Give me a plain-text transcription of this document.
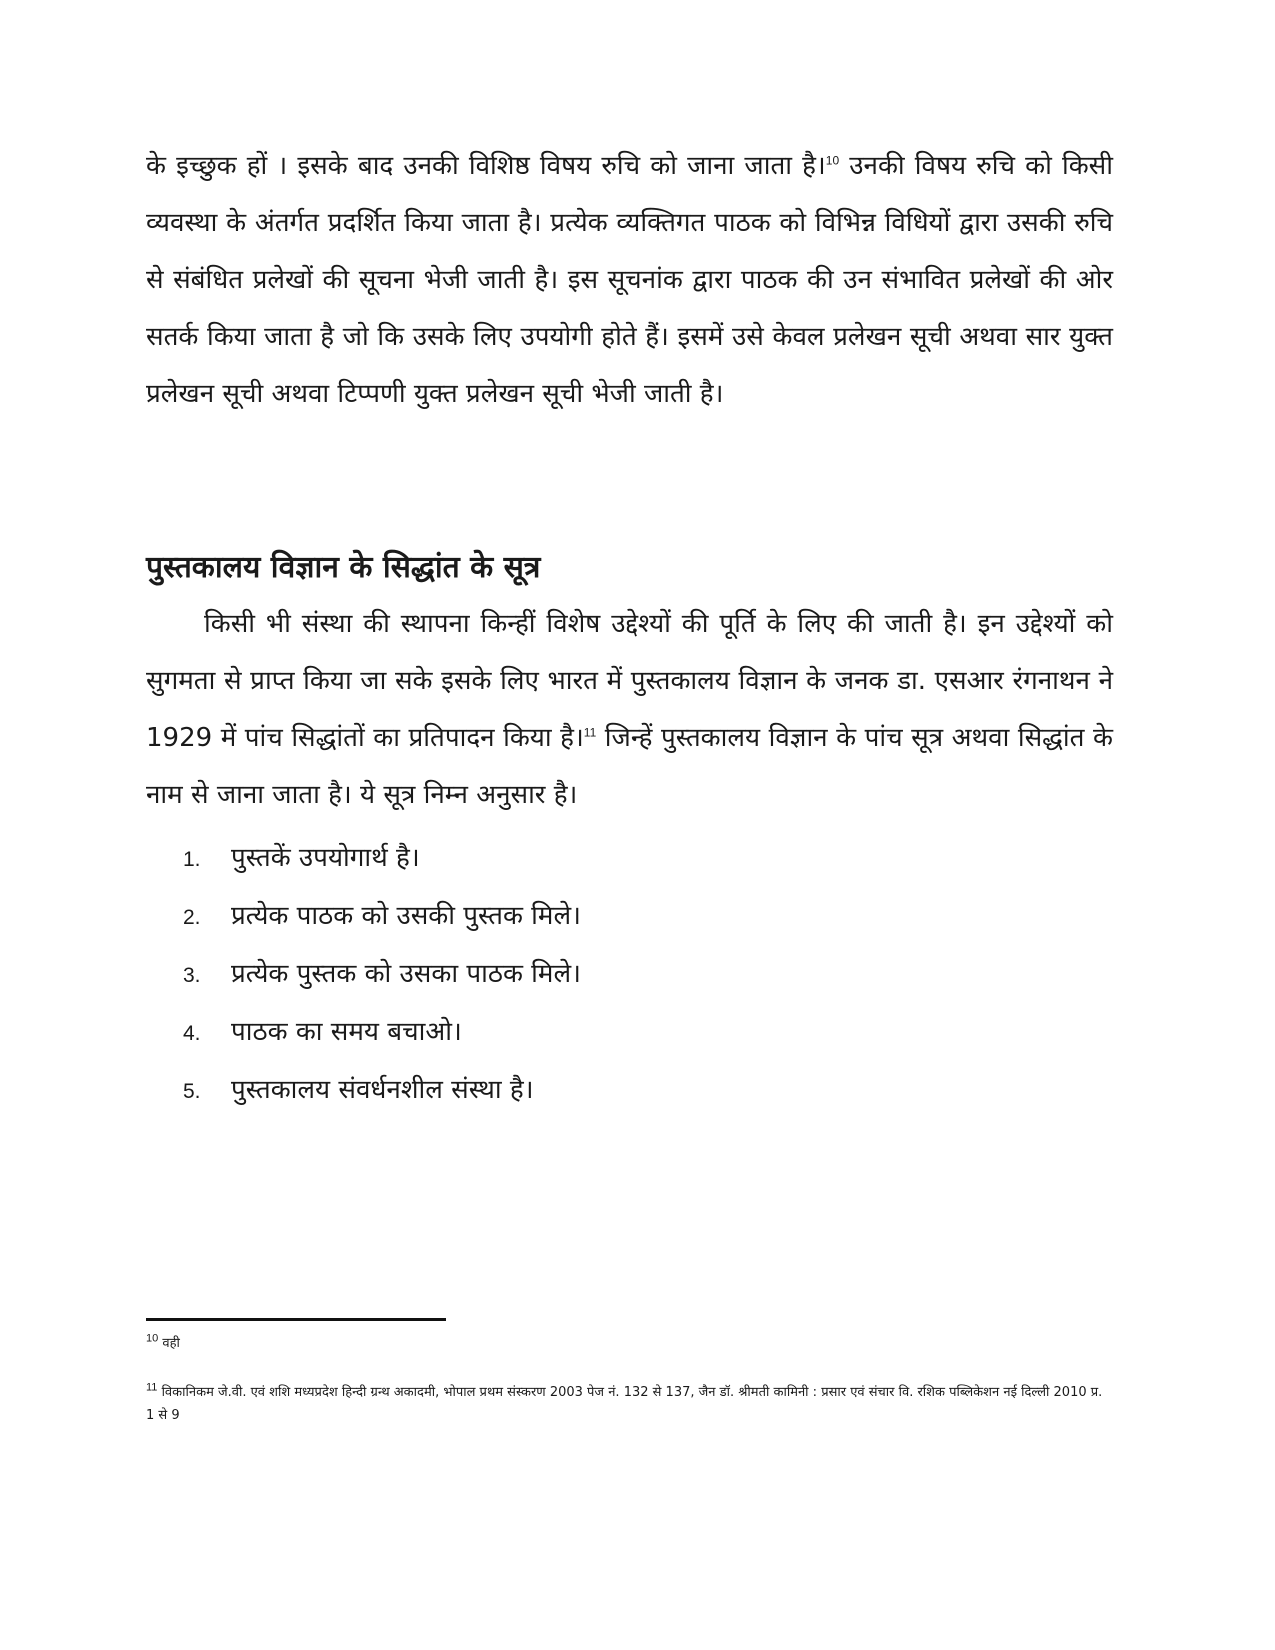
के इच्छुक हों । इसके बाद उनकी विशिष्ठ विषय रुचि को जाना जाता है।$^{10}$ उनकी विषय रुचि को किसी व्यवस्था के अंतर्गत प्रदर्शित किया जाता है। प्रत्येक व्यक्तिगत पाठक को विभिन्न विधियों द्वारा उसकी रुचि से संबंधित प्रलेखों की सूचना भेजी जाती है। इस सूचनांक द्वारा पाठक की उन संभावित प्रलेखों की ओर सतर्क किया जाता है जो कि उसके लिए उपयोगी होते हैं। इसमें उसे केवल प्रलेखन सूची अथवा सार युक्त प्रलेखन सूची अथवा टिप्पणी युक्त प्रलेखन सूची भेजी जाती है।

पुस्तकालय विज्ञान के सिद्धांत के सूत्र

किसी भी संस्था की स्थापना किन्हीं विशेष उद्देश्यों की पूर्ति के लिए की जाती है। इन उद्देश्यों को सुगमता से प्राप्त किया जा सके इसके लिए भारत में पुस्तकालय विज्ञान के जनक डा. एसआर रंगनाथन ने 1929 में पांच सिद्धांतों का प्रतिपादन किया है।$^{11}$ जिन्हें पुस्तकालय विज्ञान के पांच सूत्र अथवा सिद्धांत के नाम से जाना जाता है। ये सूत्र निम्न अनुसार है।

1.	पुस्तकें उपयोगार्थ है।
2.	प्रत्येक पाठक को उसकी पुस्तक मिले।
3.	प्रत्येक पुस्तक को उसका पाठक मिले।
4.	पाठक का समय बचाओ।
5.	पुस्तकालय संवर्धनशील संस्था है।

$^{10}$ वही

$^{11}$ विकानिकम जे.वी. एवं शशि मध्यप्रदेश हिन्दी ग्रन्थ अकादमी, भोपाल प्रथम संस्करण 2003 पेज नं. 132 से 137, जैन डॉ. श्रीमती कामिनी : प्रसार एवं संचार वि. रशिक पब्लिकेशन नई दिल्ली 2010 प्र. 1 से 9
